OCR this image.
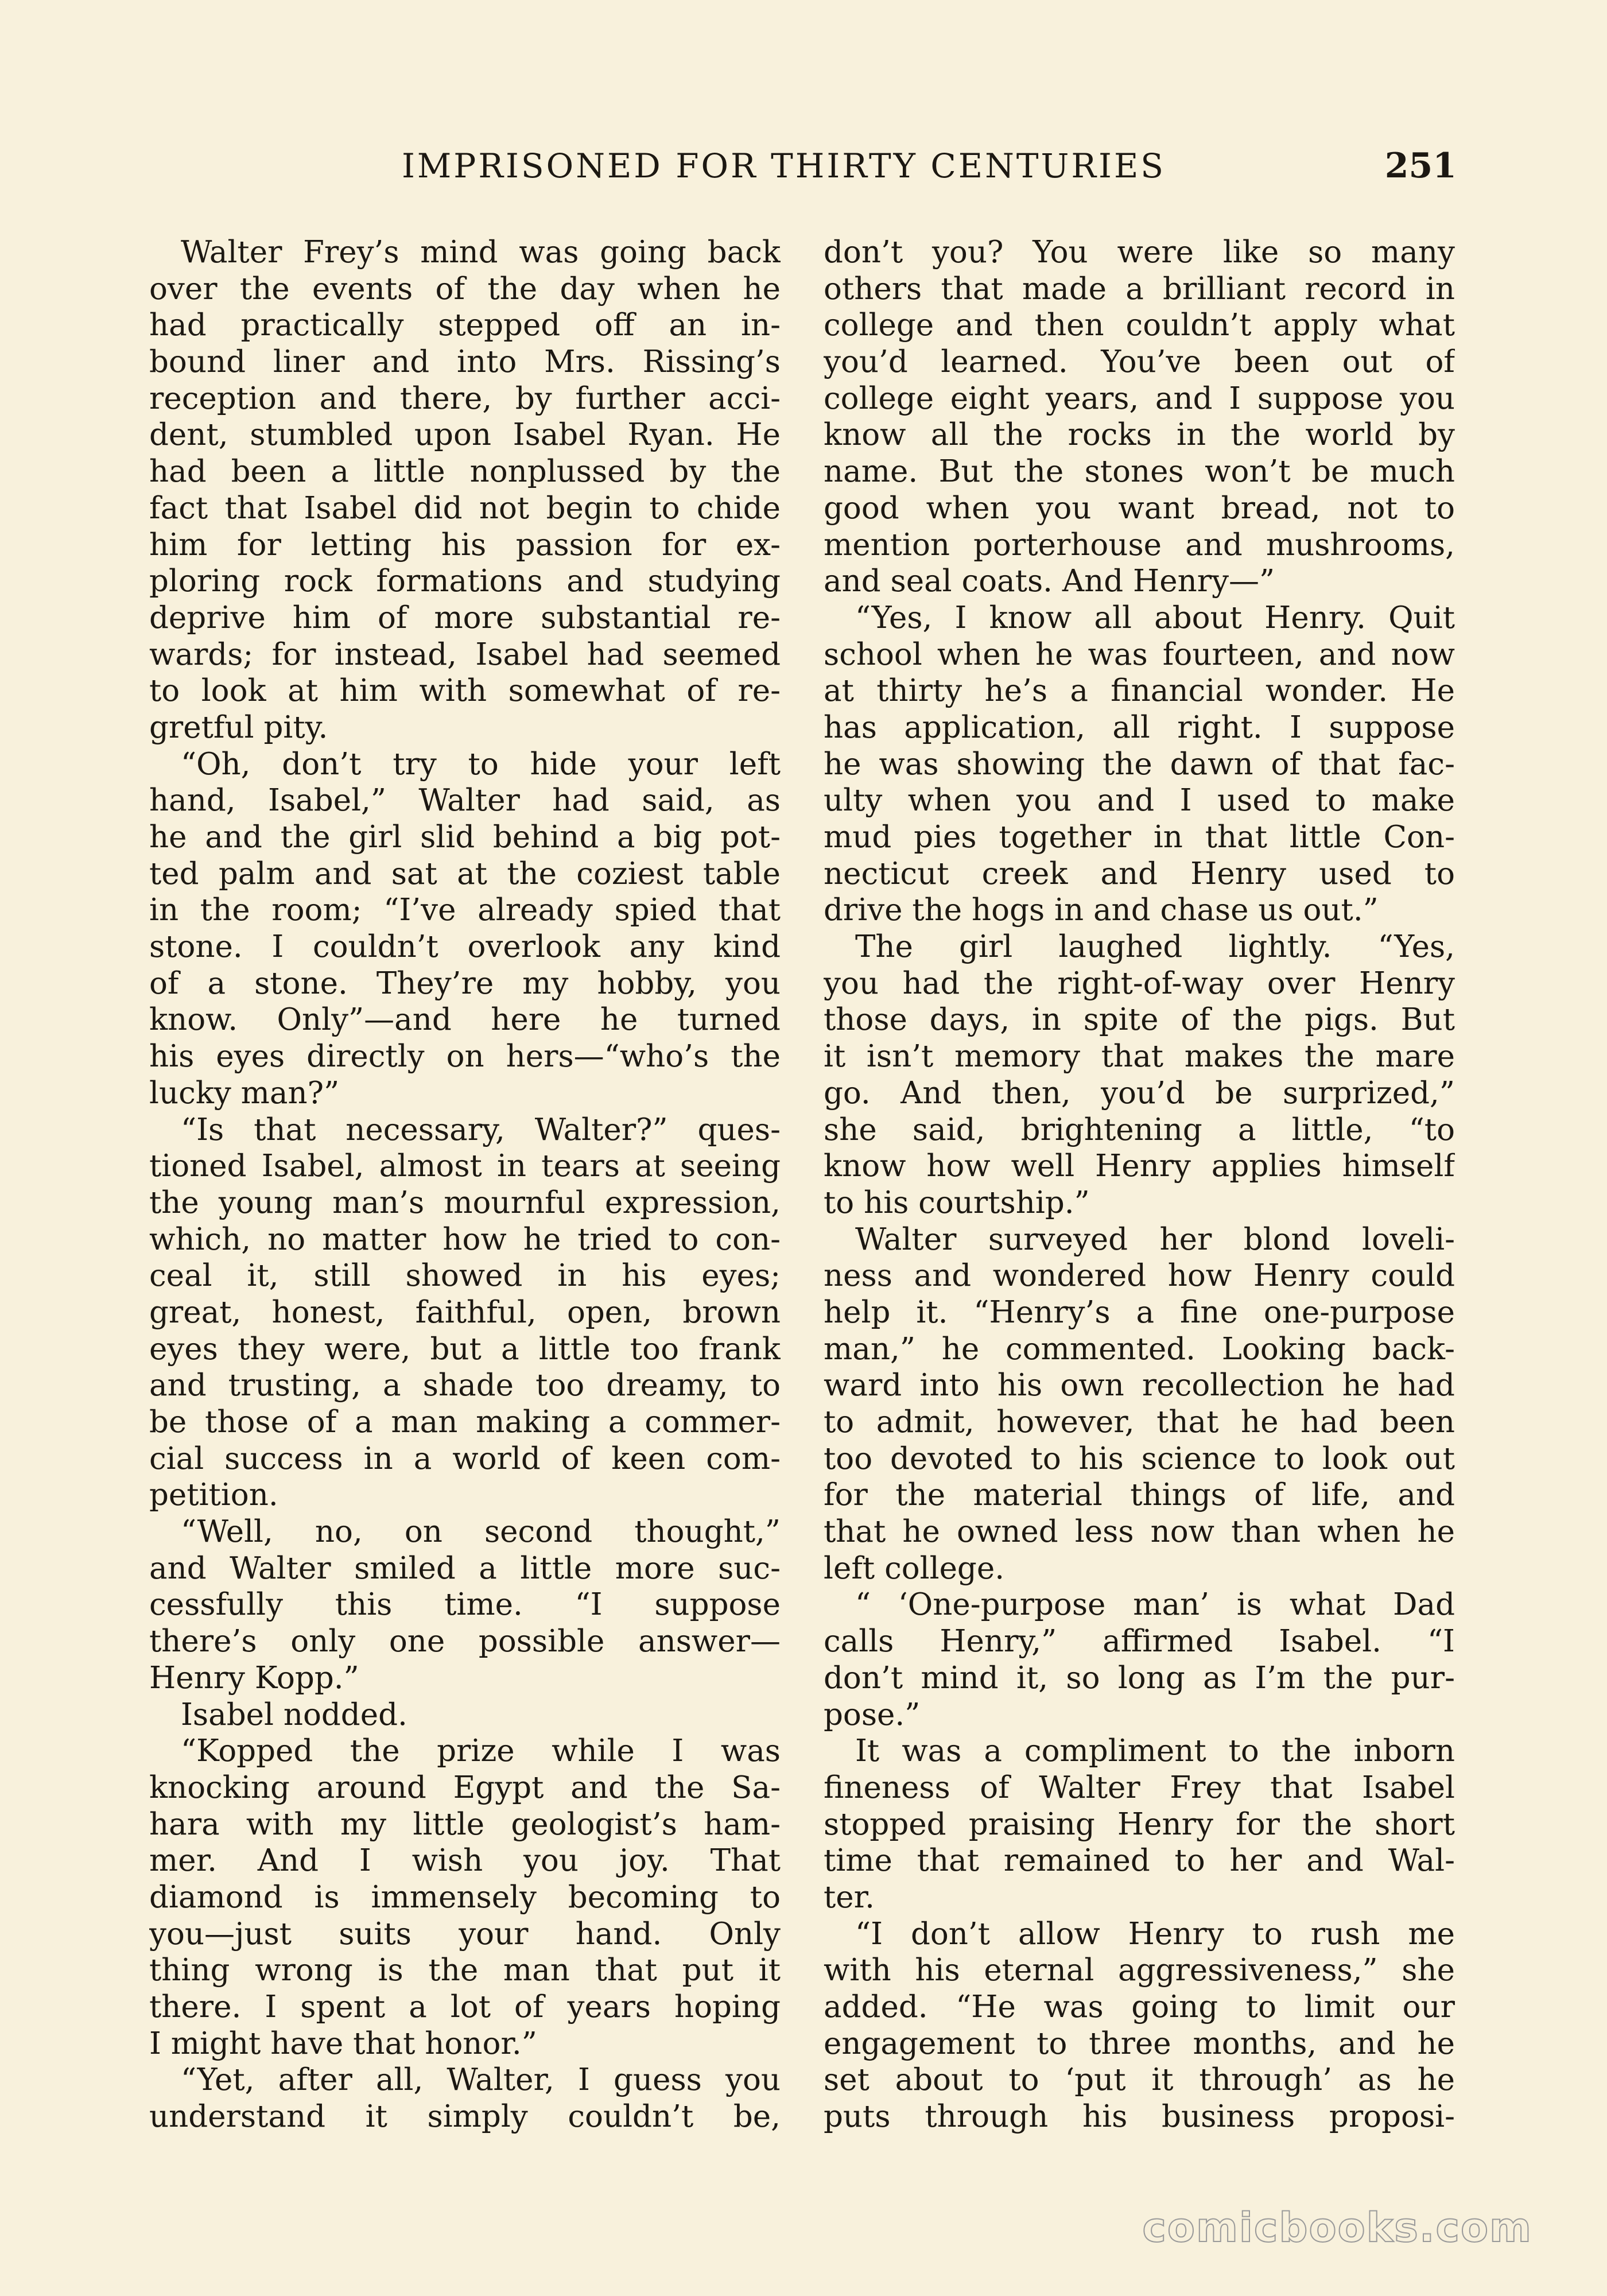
IMPRISONED FOR THIRTY CENTURIES	251
Walter Frey’s mind was going back
over the events of the day when he
had practically stepped off an in-
bound liner and into Mrs. Rissing’s
reception and there, by further acci-
dent, stumbled upon Isabel Ryan. He
had been a little nonplussed by the
fact that Isabel did not begin to chide
him for letting his passion for ex-
ploring rock formations and studying
deprive him of more substantial re-
wards; for instead, Isabel had seemed
to look at him with somewhat of re-
gretful pity.
“Oh, don’t try to hide your left
hand, Isabel,” Walter had said, as
he and the girl slid behind a big pot-
ted palm and sat at the coziest table
in the room; “I’ve already spied that
stone. I couldn’t overlook any kind
of a stone. They’re my hobby, you
know. Only”—and here he turned
his eyes directly on hers—“who’s the
lucky man?”
“Is that necessary, Walter?” ques-
tioned Isabel, almost in tears at seeing
the young man’s mournful expression,
which, no matter how he tried to con-
ceal it, still showed in his eyes;
great, honest, faithful, open, brown
eyes they were, but a little too frank
and trusting, a shade too dreamy, to
be those of a man making a commer-
cial success in a world of keen com-
petition.
“Well, no, on second thought,”
and Walter smiled a little more suc-
cessfully this time. “I suppose
there’s only one possible answer—
Henry Kopp.”
Isabel nodded.
“Kopped the prize while I was
knocking around Egypt and the Sa-
hara with my little geologist’s ham-
mer. And I wish you joy. That
diamond is immensely becoming to
you—just suits your hand. Only
thing wrong is the man that put it
there. I spent a lot of years hoping
I might have that honor.”
“Yet, after all, Walter, I guess you
understand it simply couldn’t be,
don’t you? You were like so many
others that made a brilliant record in
college and then couldn’t apply what
you’d learned. You’ve been out of
college eight years, and I suppose you
know all the rocks in the world by
name. But the stones won’t be much
good when you want bread, not to
mention porterhouse and mushrooms,
and seal coats. And Henry—”
“Yes, I know all about Henry. Quit
school when he was fourteen, and now
at thirty he’s a financial wonder. He
has application, all right. I suppose
he was showing the dawn of that fac-
ulty when you and I used to make
mud pies together in that little Con-
necticut creek and Henry used to
drive the hogs in and chase us out.”
The girl laughed lightly. “Yes,
you had the right-of-way over Henry
those days, in spite of the pigs. But
it isn’t memory that makes the mare
go. And then, you’d be surprized,”
she said, brightening a little, “to
know how well Henry applies himself
to his courtship.”
Walter surveyed her blond loveli-
ness and wondered how Henry could
help it. “Henry’s a fine one-purpose
man,” he commented. Looking back-
ward into his own recollection he had
to admit, however, that he had been
too devoted to his science to look out
for the material things of life, and
that he owned less now than when he
left college.
“ ‘One-purpose man’ is what Dad
calls Henry,” affirmed Isabel. “I
don’t mind it, so long as I’m the pur-
pose.”
It was a compliment to the inborn
fineness of Walter Frey that Isabel
stopped praising Henry for the short
time that remained to her and Wal-
ter.
“I don’t allow Henry to rush me
with his eternal aggressiveness,” she
added. “He was going to limit our
engagement to three months, and he
set about to ‘put it through’ as he
puts through his business proposi-
comicbooks.com
